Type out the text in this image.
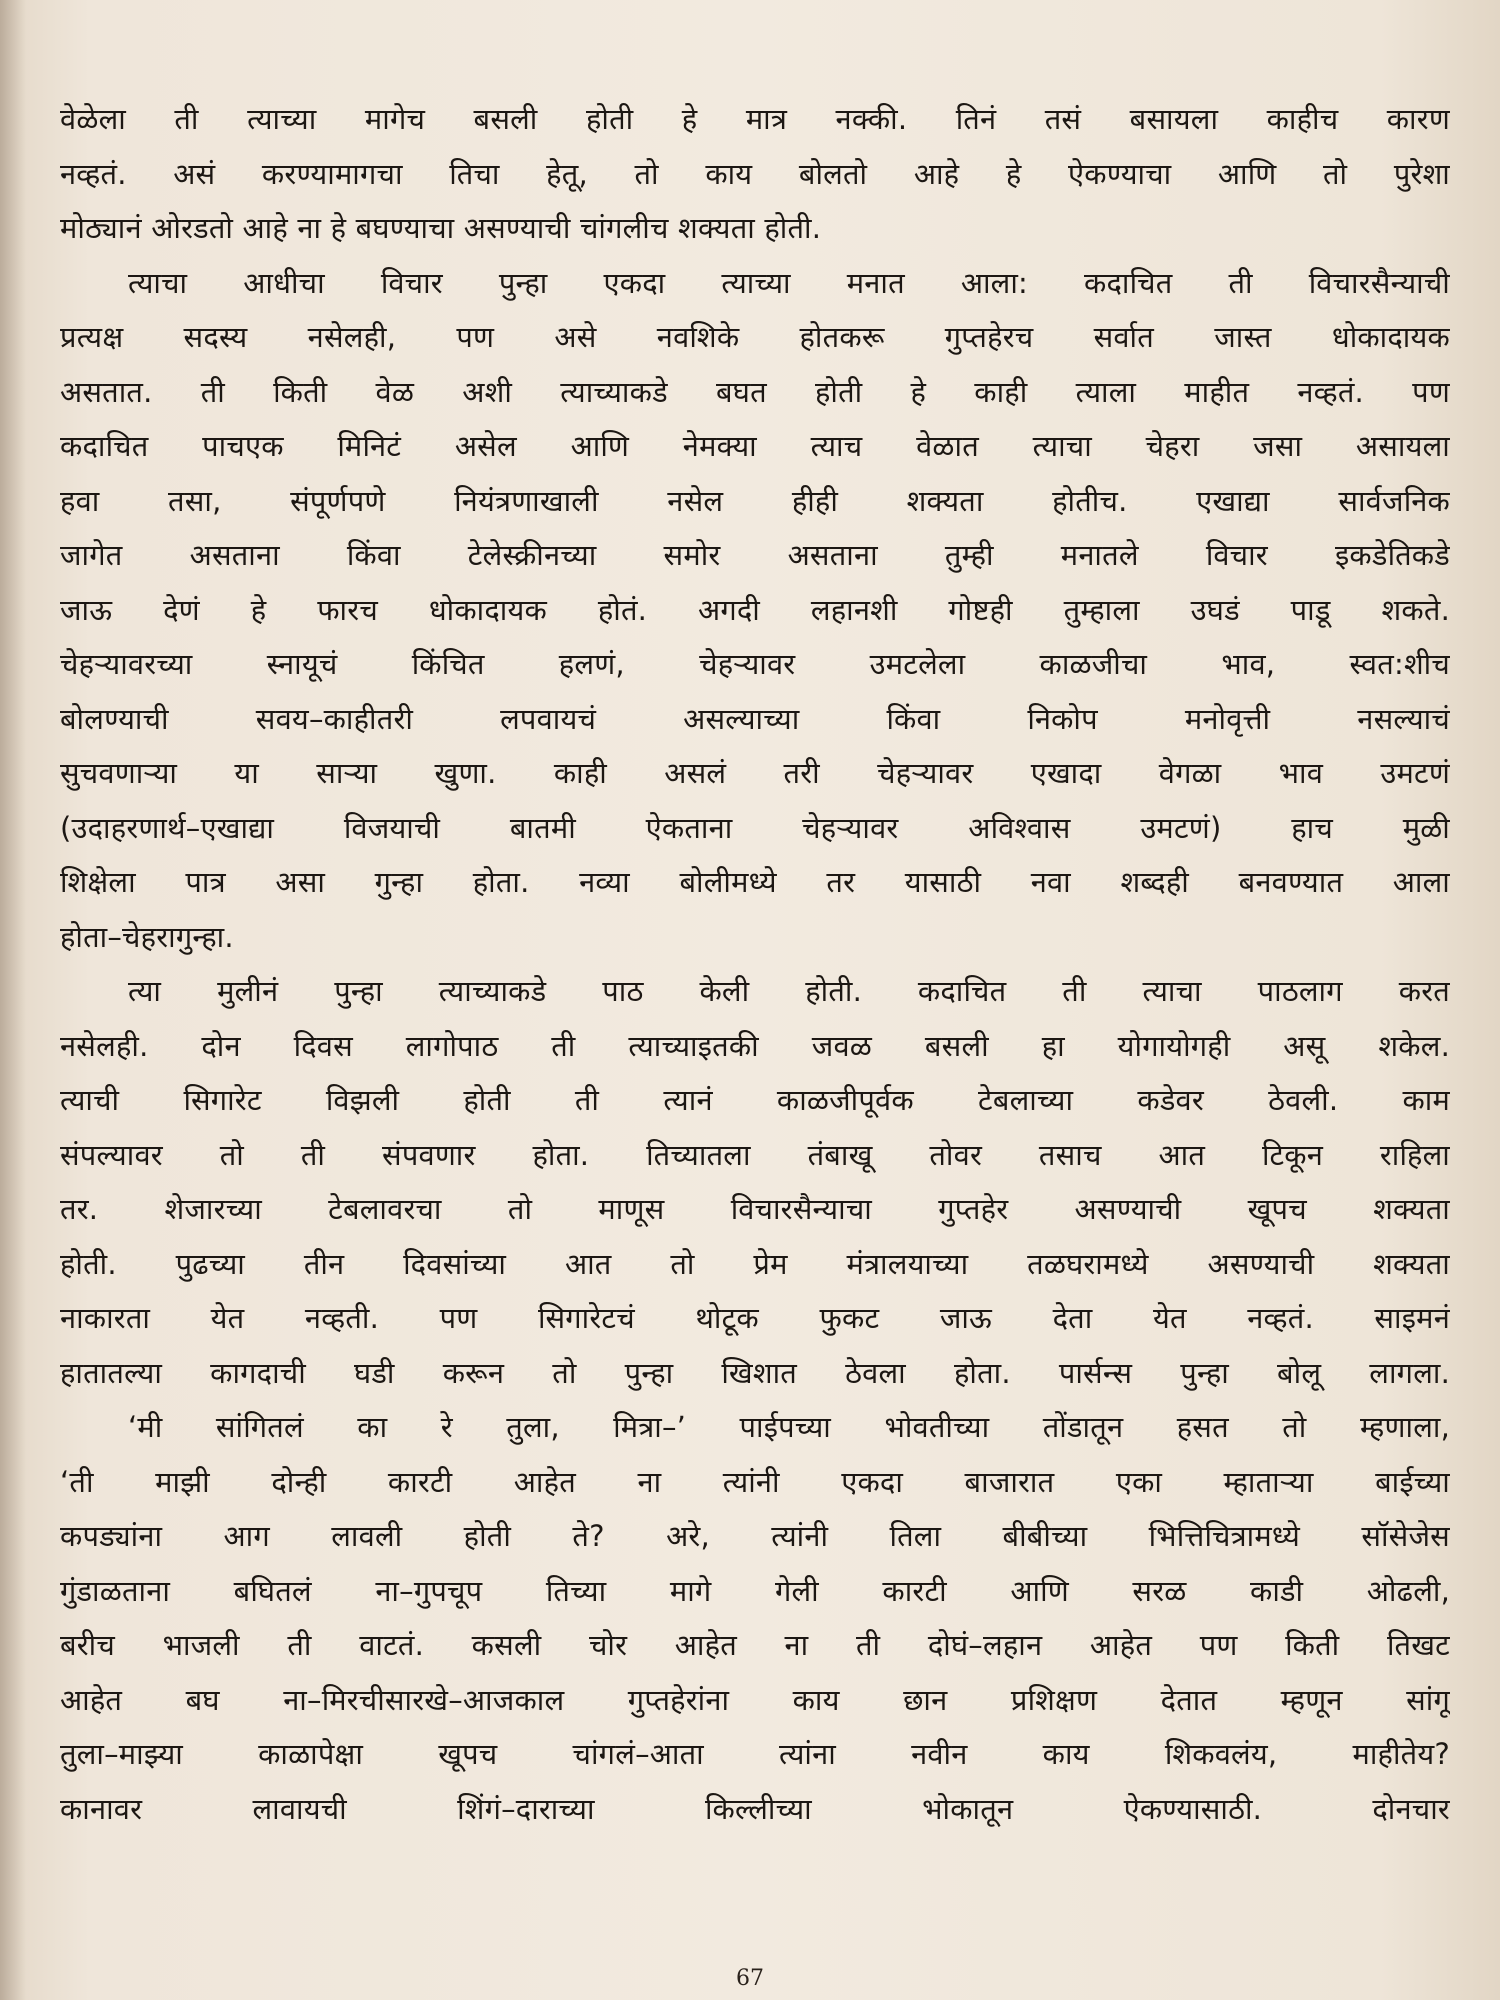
वेळेला ती त्याच्या मागेच बसली होती हे मात्र नक्की. तिनं तसं बसायला काहीच कारण
नव्हतं. असं करण्यामागचा तिचा हेतू, तो काय बोलतो आहे हे ऐकण्याचा आणि तो पुरेशा
मोठ्यानं ओरडतो आहे ना हे बघण्याचा असण्याची चांगलीच शक्यता होती.
त्याचा आधीचा विचार पुन्हा एकदा त्याच्या मनात आला: कदाचित ती विचारसैन्याची
प्रत्यक्ष सदस्य नसेलही, पण असे नवशिके होतकरू गुप्तहेरच सर्वात जास्त धोकादायक
असतात. ती किती वेळ अशी त्याच्याकडे बघत होती हे काही त्याला माहीत नव्हतं. पण
कदाचित पाचएक मिनिटं असेल आणि नेमक्या त्याच वेळात त्याचा चेहरा जसा असायला
हवा तसा, संपूर्णपणे नियंत्रणाखाली नसेल हीही शक्यता होतीच. एखाद्या सार्वजनिक
जागेत असताना किंवा टेलेस्क्रीनच्या समोर असताना तुम्ही मनातले विचार इकडेतिकडे
जाऊ देणं हे फारच धोकादायक होतं. अगदी लहानशी गोष्टही तुम्हाला उघडं पाडू शकते.
चेहऱ्यावरच्या स्नायूचं किंचित हलणं, चेहऱ्यावर उमटलेला काळजीचा भाव, स्वत:शीच
बोलण्याची सवय–काहीतरी लपवायचं असल्याच्या किंवा निकोप मनोवृत्ती नसल्याचं
सुचवणाऱ्या या साऱ्या खुणा. काही असलं तरी चेहऱ्यावर एखादा वेगळा भाव उमटणं
(उदाहरणार्थ–एखाद्या विजयाची बातमी ऐकताना चेहऱ्यावर अविश्वास उमटणं) हाच मुळी
शिक्षेला पात्र असा गुन्हा होता. नव्या बोलीमध्ये तर यासाठी नवा शब्दही बनवण्यात आला
होता–चेहरागुन्हा.
त्या मुलीनं पुन्हा त्याच्याकडे पाठ केली होती. कदाचित ती त्याचा पाठलाग करत
नसेलही. दोन दिवस लागोपाठ ती त्याच्याइतकी जवळ बसली हा योगायोगही असू शकेल.
त्याची सिगारेट विझली होती ती त्यानं काळजीपूर्वक टेबलाच्या कडेवर ठेवली. काम
संपल्यावर तो ती संपवणार होता. तिच्यातला तंबाखू तोवर तसाच आत टिकून राहिला
तर. शेजारच्या टेबलावरचा तो माणूस विचारसैन्याचा गुप्तहेर असण्याची खूपच शक्यता
होती. पुढच्या तीन दिवसांच्या आत तो प्रेम मंत्रालयाच्या तळघरामध्ये असण्याची शक्यता
नाकारता येत नव्हती. पण सिगारेटचं थोटूक फुकट जाऊ देता येत नव्हतं. साइमनं
हातातल्या कागदाची घडी करून तो पुन्हा खिशात ठेवला होता. पार्सन्स पुन्हा बोलू लागला.
‘मी सांगितलं का रे तुला, मित्रा–’ पाईपच्या भोवतीच्या तोंडातून हसत तो म्हणाला,
‘ती माझी दोन्ही कारटी आहेत ना त्यांनी एकदा बाजारात एका म्हाताऱ्या बाईच्या
कपड्यांना आग लावली होती ते? अरे, त्यांनी तिला बीबीच्या भित्तिचित्रामध्ये सॉसेजेस
गुंडाळताना बघितलं ना–गुपचूप तिच्या मागे गेली कारटी आणि सरळ काडी ओढली,
बरीच भाजली ती वाटतं. कसली चोर आहेत ना ती दोघं–लहान आहेत पण किती तिखट
आहेत बघ ना–मिरचीसारखे–आजकाल गुप्तहेरांना काय छान प्रशिक्षण देतात म्हणून सांगू
तुला–माझ्या काळापेक्षा खूपच चांगलं–आता त्यांना नवीन काय शिकवलंय, माहीतेय?
कानावर लावायची शिंगं–दाराच्या किल्लीच्या भोकातून ऐकण्यासाठी. दोनचार
67
